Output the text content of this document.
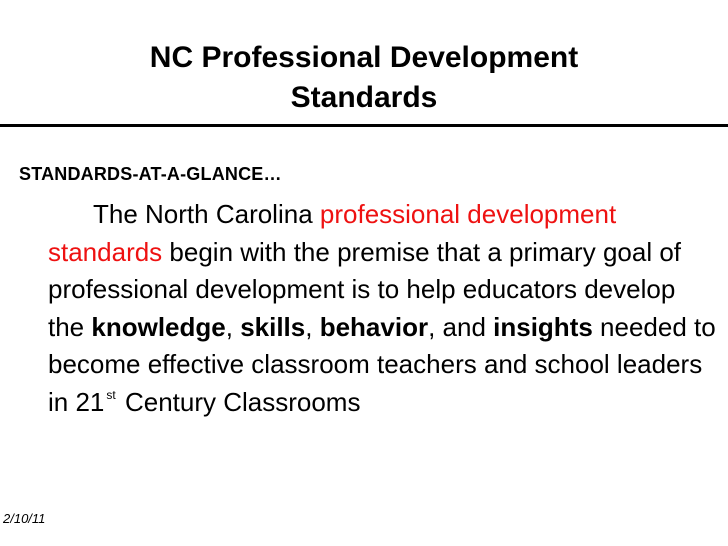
NC Professional Development
Standards
STANDARDS-AT-A-GLANCE…

The North Carolina professional development standards begin with the premise that a primary goal of professional development is to help educators develop the knowledge, skills, behavior, and insights needed to become effective classroom teachers and school leaders in 21 $^{st}$ Century Classrooms

2/10/11
